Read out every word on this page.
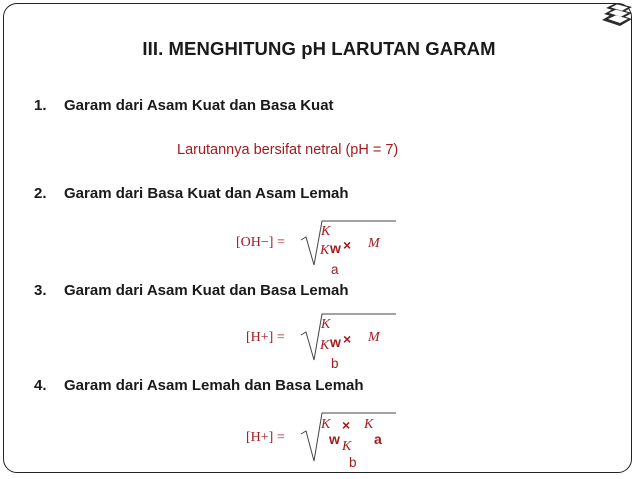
III. MENGHITUNG pH LARUTAN GARAM
1. Garam dari Asam Kuat dan Basa Kuat
Larutannya bersifat netral (pH = 7)
2. Garam dari Basa Kuat dan Asam Lemah
[OH−] =
K
K w × M
a
3. Garam dari Asam Kuat dan Basa Lemah
[H+] =
K
K w × M
b
4. Garam dari Asam Lemah dan Basa Lemah
[H+] =
K × K
w a
K
b
